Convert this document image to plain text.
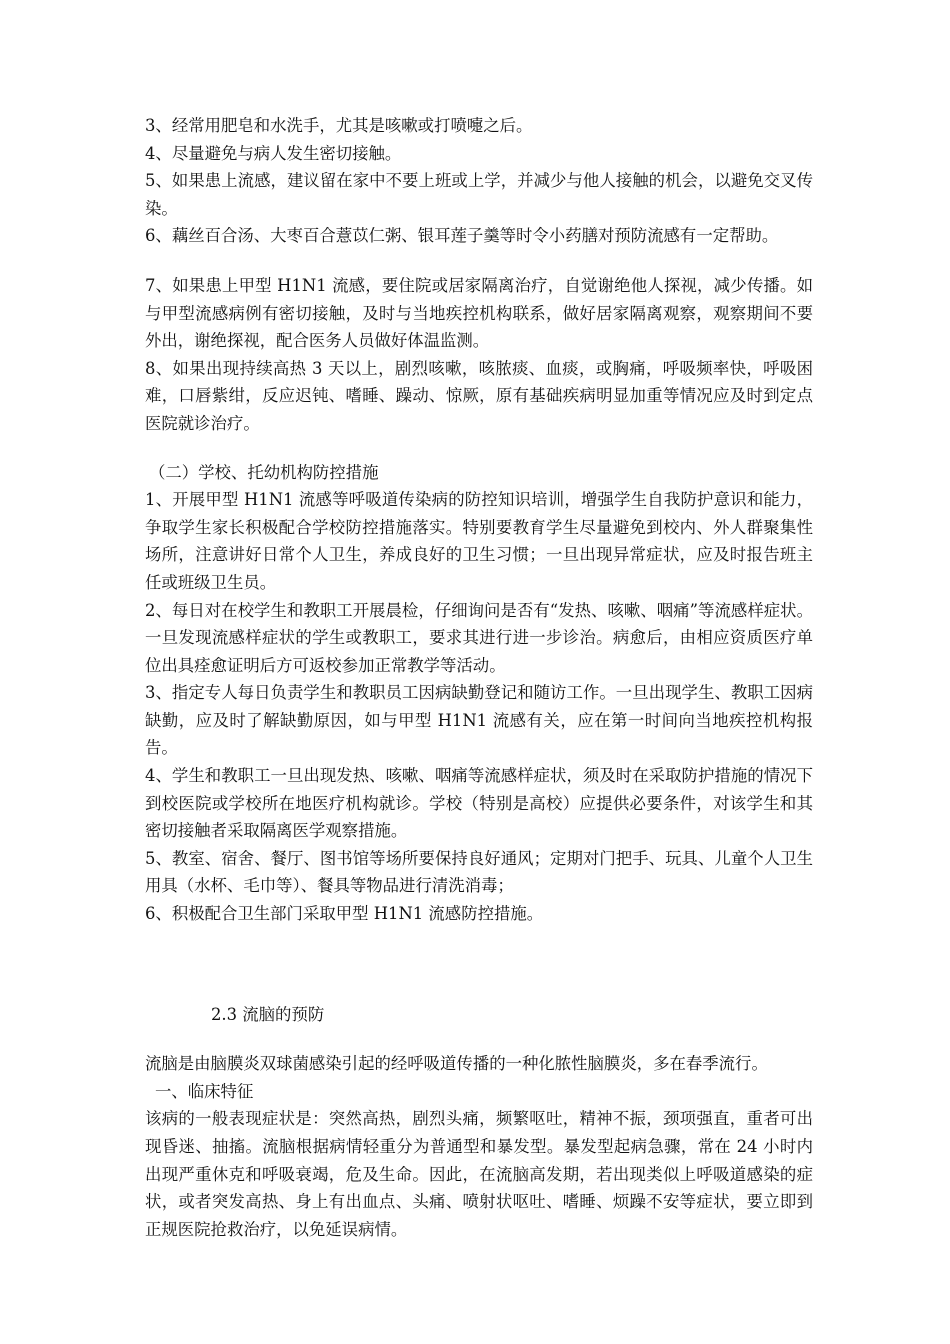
3、经常用肥皂和水洗手，尤其是咳嗽或打喷嚏之后。

4、尽量避免与病人发生密切接触。

5、如果患上流感，建议留在家中不要上班或上学，并减少与他人接触的机会，以避免交叉传染。

6、藕丝百合汤、大枣百合薏苡仁粥、银耳莲子羹等时令小药膳对预防流感有一定帮助。

7、如果患上甲型 H1N1 流感，要住院或居家隔离治疗，自觉谢绝他人探视，减少传播。如与甲型流感病例有密切接触，及时与当地疾控机构联系，做好居家隔离观察，观察期间不要外出，谢绝探视，配合医务人员做好体温监测。

8、如果出现持续高热 3 天以上，剧烈咳嗽，咳脓痰、血痰，或胸痛，呼吸频率快，呼吸困难，口唇紫绀，反应迟钝、嗜睡、躁动、惊厥，原有基础疾病明显加重等情况应及时到定点医院就诊治疗。

（二）学校、托幼机构防控措施

1、开展甲型 H1N1 流感等呼吸道传染病的防控知识培训，增强学生自我防护意识和能力，争取学生家长积极配合学校防控措施落实。特别要教育学生尽量避免到校内、外人群聚集性场所，注意讲好日常个人卫生，养成良好的卫生习惯；一旦出现异常症状，应及时报告班主任或班级卫生员。

2、每日对在校学生和教职工开展晨检，仔细询问是否有“发热、咳嗽、咽痛”等流感样症状。一旦发现流感样症状的学生或教职工，要求其进行进一步诊治。病愈后，由相应资质医疗单位出具痊愈证明后方可返校参加正常教学等活动。

3、指定专人每日负责学生和教职员工因病缺勤登记和随访工作。一旦出现学生、教职工因病缺勤，应及时了解缺勤原因，如与甲型 H1N1 流感有关，应在第一时间向当地疾控机构报告。

4、学生和教职工一旦出现发热、咳嗽、咽痛等流感样症状，须及时在采取防护措施的情况下到校医院或学校所在地医疗机构就诊。学校（特别是高校）应提供必要条件，对该学生和其密切接触者采取隔离医学观察措施。

5、教室、宿舍、餐厅、图书馆等场所要保持良好通风；定期对门把手、玩具、儿童个人卫生用具（水杯、毛巾等）、餐具等物品进行清洗消毒；

6、积极配合卫生部门采取甲型 H1N1 流感防控措施。

2.3 流脑的预防

流脑是由脑膜炎双球菌感染引起的经呼吸道传播的一种化脓性脑膜炎，多在春季流行。

一、临床特征

该病的一般表现症状是：突然高热，剧烈头痛，频繁呕吐，精神不振，颈项强直，重者可出现昏迷、抽搐。流脑根据病情轻重分为普通型和暴发型。暴发型起病急骤，常在 24 小时内出现严重休克和呼吸衰竭，危及生命。因此，在流脑高发期，若出现类似上呼吸道感染的症状，或者突发高热、身上有出血点、头痛、喷射状呕吐、嗜睡、烦躁不安等症状，要立即到正规医院抢救治疗，以免延误病情。
